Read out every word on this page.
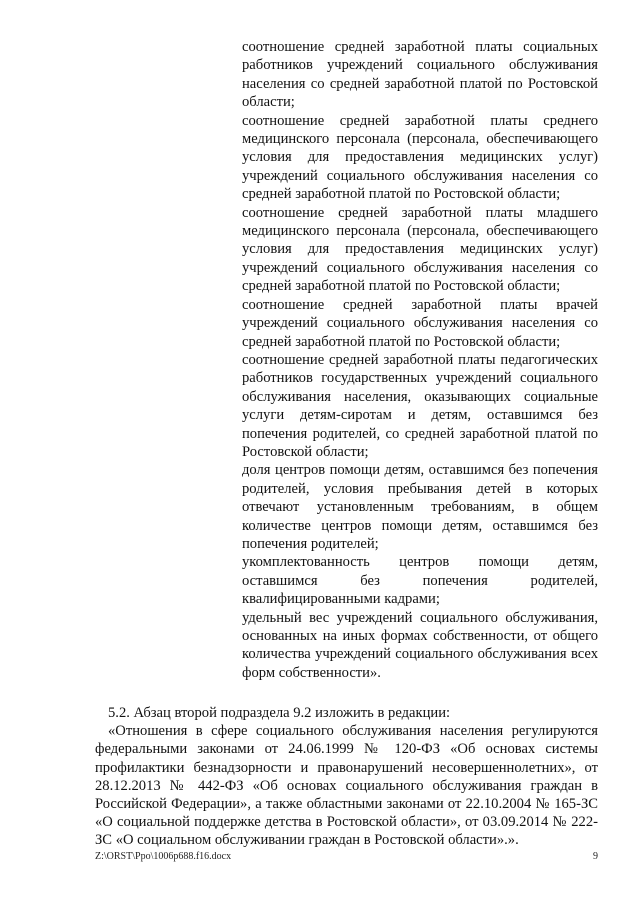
соотношение средней заработной платы социальных работников учреждений социального обслуживания населения со средней заработной платой по Ростовской области;

соотношение средней заработной платы среднего медицинского персонала (персонала, обеспечивающего условия для предоставления медицинских услуг) учреждений социального обслуживания населения со средней заработной платой по Ростовской области;

соотношение средней заработной платы младшего медицинского персонала (персонала, обеспечивающего условия для предоставления медицинских услуг) учреждений социального обслуживания населения со средней заработной платой по Ростовской области;

соотношение средней заработной платы врачей учреждений социального обслуживания населения со средней заработной платой по Ростовской области;

соотношение средней заработной платы педагогических работников государственных учреждений социального обслуживания населения, оказывающих социальные услуги детям-сиротам и детям, оставшимся без попечения родителей, со средней заработной платой по Ростовской области;

доля центров помощи детям, оставшимся без попечения родителей, условия пребывания детей в которых отвечают установленным требованиям, в общем количестве центров помощи детям, оставшимся без попечения родителей;

укомплектованность центров помощи детям, оставшимся без попечения родителей, квалифицированными кадрами;

удельный вес учреждений социального обслуживания, основанных на иных формах собственности, от общего количества учреждений социального обслуживания всех форм собственности».

5.2. Абзац второй подраздела 9.2 изложить в редакции:

«Отношения в сфере социального обслуживания населения регулируются федеральными законами от 24.06.1999 № 120-ФЗ «Об основах системы профилактики безнадзорности и правонарушений несовершеннолетних», от 28.12.2013 № 442-ФЗ «Об основах социального обслуживания граждан в Российской Федерации», а также областными законами от 22.10.2004 № 165-ЗС «О социальной поддержке детства в Ростовской области», от 03.09.2014 № 222-ЗС «О социальном обслуживании граждан в Ростовской области».».

Z:\ORST\Ppo\1006p688.f16.docx	9
